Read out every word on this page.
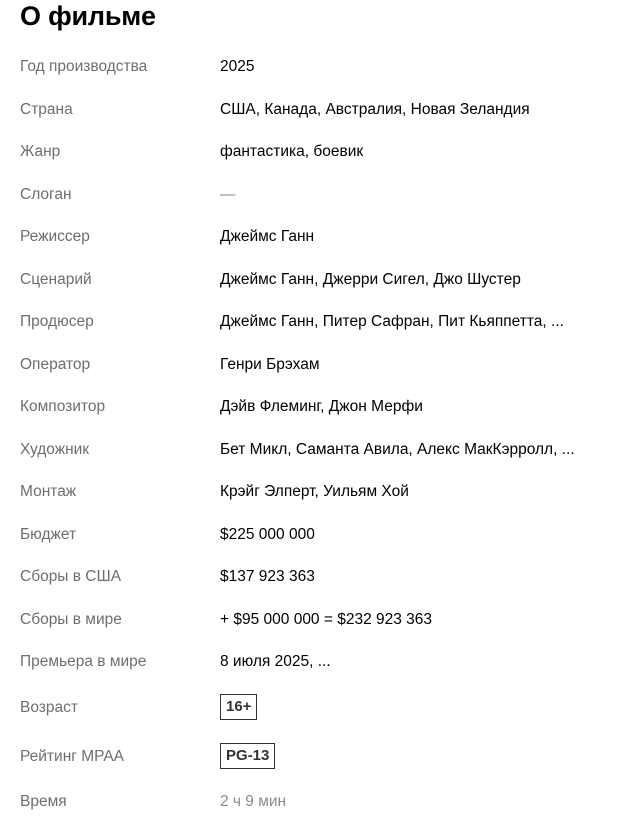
О фильме
Год производства	2025
Страна	США, Канада, Австралия, Новая Зеландия
Жанр	фантастика, боевик
Слоган	—
Режиссер	Джеймс Ганн
Сценарий	Джеймс Ганн, Джерри Сигел, Джо Шустер
Продюсер	Джеймс Ганн, Питер Сафран, Пит Кьяппетта, ...
Оператор	Генри Брэхам
Композитор	Дэйв Флеминг, Джон Мерфи
Художник	Бет Микл, Саманта Авила, Алекс МакКэрролл, ...
Монтаж	Крэйг Элперт, Уильям Хой
Бюджет	$225 000 000
Сборы в США	$137 923 363
Сборы в мире	+ $95 000 000 = $232 923 363
Премьера в мире	8 июля 2025, ...
Возраст	16+
Рейтинг MPAA	PG-13
Время	2 ч 9 мин
